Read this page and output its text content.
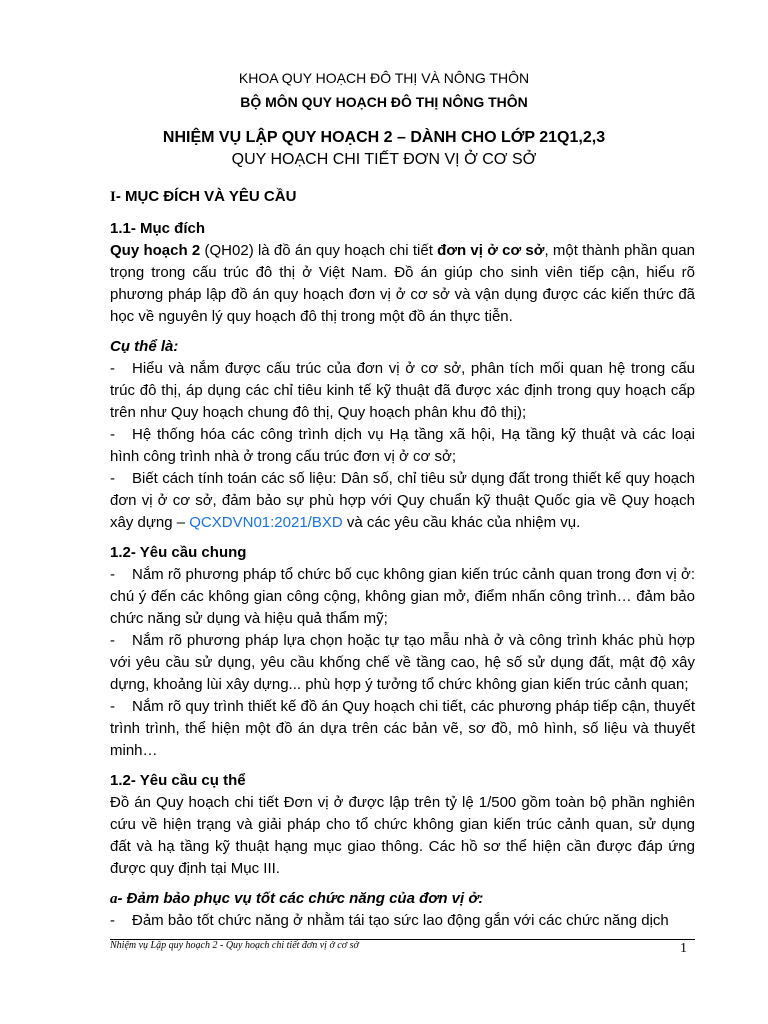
KHOA QUY HOẠCH ĐÔ THỊ VÀ NÔNG THÔN
BỘ MÔN QUY HOẠCH ĐÔ THỊ NÔNG THÔN
NHIỆM VỤ LẬP QUY HOẠCH 2 – DÀNH CHO LỚP 21Q1,2,3
QUY HOẠCH CHI TIẾT ĐƠN VỊ Ở CƠ SỞ
I- MỤC ĐÍCH VÀ YÊU CẦU
1.1- Mục đích

Quy hoạch 2 (QH02) là đồ án quy hoạch chi tiết đơn vị ở cơ sở, một thành phần quan trọng trong cấu trúc đô thị ở Việt Nam. Đồ án giúp cho sinh viên tiếp cận, hiểu rõ phương pháp lập đồ án quy hoạch đơn vị ở cơ sở và vận dụng được các kiến thức đã học về nguyên lý quy hoạch đô thị trong một đồ án thực tiễn.

Cụ thể là:

- Hiểu và nắm được cấu trúc của đơn vị ở cơ sở, phân tích mối quan hệ trong cấu trúc đô thị, áp dụng các chỉ tiêu kinh tế kỹ thuật đã được xác định trong quy hoạch cấp trên như Quy hoạch chung đô thị, Quy hoạch phân khu đô thị);

- Hệ thống hóa các công trình dịch vụ Hạ tầng xã hội, Hạ tầng kỹ thuật và các loại hình công trình nhà ở trong cấu trúc đơn vị ở cơ sở;

- Biết cách tính toán các số liệu: Dân số, chỉ tiêu sử dụng đất trong thiết kế quy hoạch đơn vị ở cơ sở, đảm bảo sự phù hợp với Quy chuẩn kỹ thuật Quốc gia về Quy hoạch xây dựng – QCXDVN01:2021/BXD và các yêu cầu khác của nhiệm vụ.

1.2- Yêu cầu chung

- Nắm rõ phương pháp tổ chức bố cục không gian kiến trúc cảnh quan trong đơn vị ở: chú ý đến các không gian công cộng, không gian mở, điểm nhấn công trình… đảm bảo chức năng sử dụng và hiệu quả thẩm mỹ;

- Nắm rõ phương pháp lựa chọn hoặc tự tạo mẫu nhà ở và công trình khác phù hợp với yêu cầu sử dụng, yêu cầu khống chế về tầng cao, hệ số sử dụng đất, mật độ xây dựng, khoảng lùi xây dựng... phù hợp ý tưởng tổ chức không gian kiến trúc cảnh quan;

- Nắm rõ quy trình thiết kế đồ án Quy hoạch chi tiết, các phương pháp tiếp cận, thuyết trình trình, thể hiện một đồ án dựa trên các bản vẽ, sơ đồ, mô hình, số liệu và thuyết minh…

1.2- Yêu cầu cụ thể

Đồ án Quy hoạch chi tiết Đơn vị ở được lập trên tỷ lệ 1/500 gồm toàn bộ phần nghiên cứu về hiện trạng và giải pháp cho tổ chức không gian kiến trúc cảnh quan, sử dụng đất và hạ tầng kỹ thuật hạng mục giao thông. Các hồ sơ thể hiện cần được đáp ứng được quy định tại Mục III.

a- Đảm bảo phục vụ tốt các chức năng của đơn vị ở:

- Đảm bảo tốt chức năng ở nhằm tái tạo sức lao động gắn với các chức năng dịch

Nhiệm vụ Lập quy hoạch 2 - Quy hoạch chi tiết đơn vị ở cơ sở	1
